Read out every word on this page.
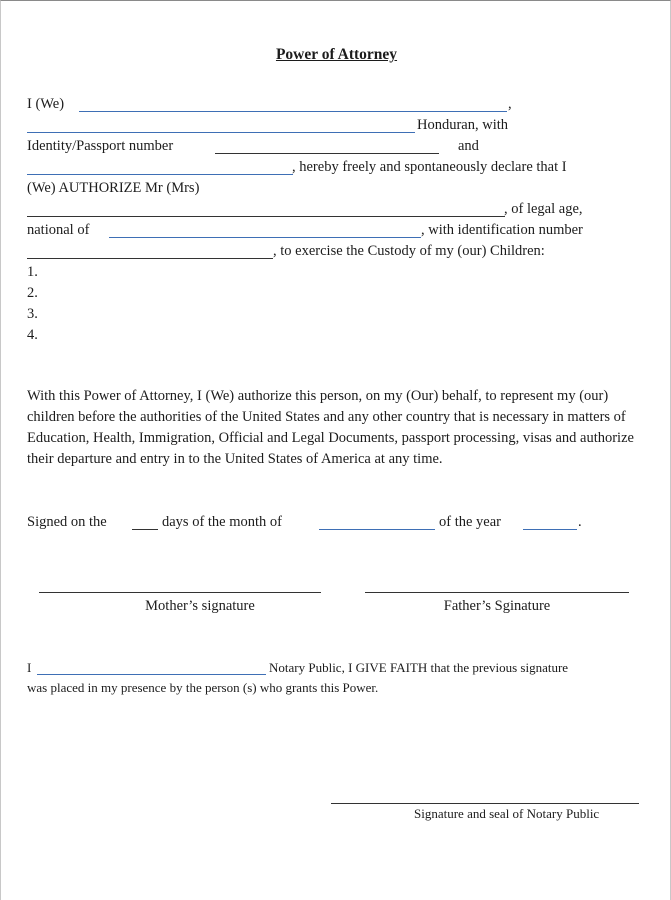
Power of Attorney
I (We)	,
Honduran, with
Identity/Passport number	and
, hereby freely and spontaneously declare that I
(We) AUTHORIZE Mr (Mrs)
, of legal age,
national of	, with identification number
, to exercise the Custody of my (our) Children:
1.
2.
3.
4.
With this Power of Attorney, I (We) authorize this person, on my (Our) behalf, to represent my (our) children before the authorities of the United States and any other country that is necessary in matters of Education, Health, Immigration, Official and Legal Documents, passport processing, visas and authorize their departure and entry in to the United States of America at any time.
Signed on the	days of the month of	of the year	.
Mother’s signature	Father’s Sginature
I	Notary Public, I GIVE FAITH that the previous signature
was placed in my presence by the person (s) who grants this Power.
Signature and seal of Notary Public
